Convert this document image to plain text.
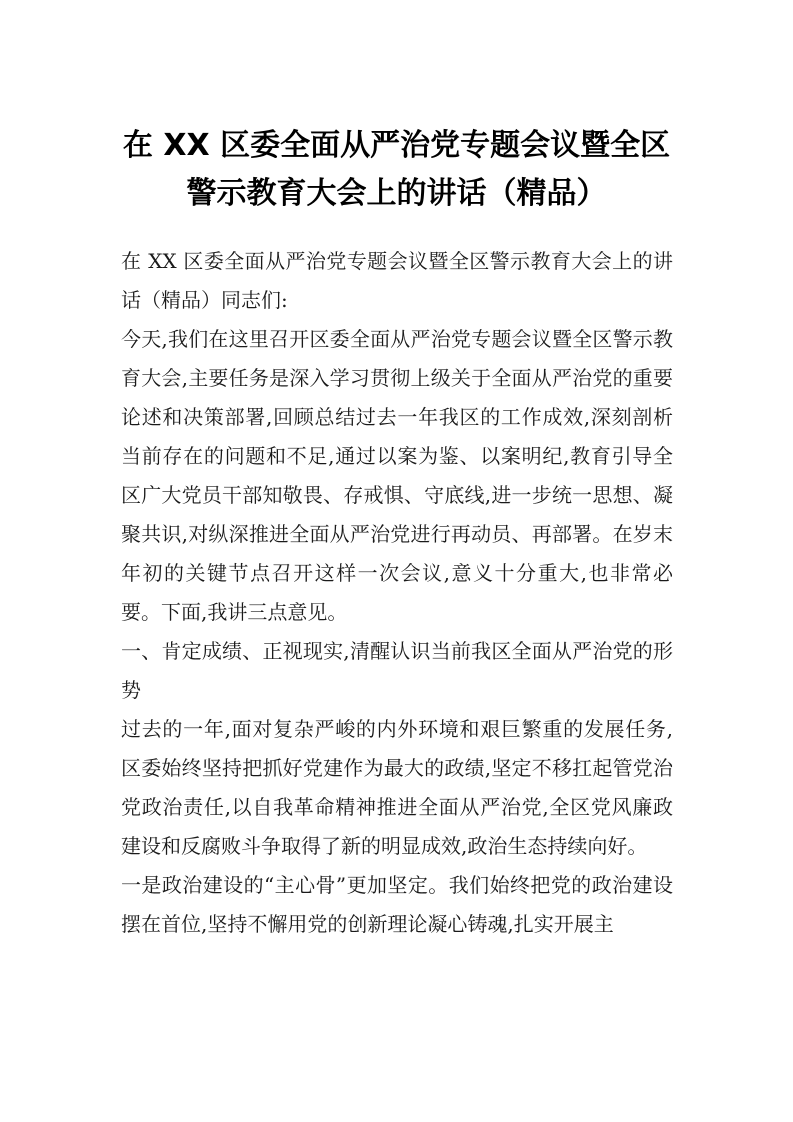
在 XX 区委全面从严治党专题会议暨全区警示教育大会上的讲话（精品）

在 XX 区委全面从严治党专题会议暨全区警示教育大会上的讲话（精品）同志们:

今天,我们在这里召开区委全面从严治党专题会议暨全区警示教育大会,主要任务是深入学习贯彻上级关于全面从严治党的重要论述和决策部署,回顾总结过去一年我区的工作成效,深刻剖析当前存在的问题和不足,通过以案为鉴、以案明纪,教育引导全区广大党员干部知敬畏、存戒惧、守底线,进一步统一思想、凝聚共识,对纵深推进全面从严治党进行再动员、再部署。在岁末年初的关键节点召开这样一次会议,意义十分重大,也非常必要。下面,我讲三点意见。

一、肯定成绩、正视现实,清醒认识当前我区全面从严治党的形势

过去的一年,面对复杂严峻的内外环境和艰巨繁重的发展任务,区委始终坚持把抓好党建作为最大的政绩,坚定不移扛起管党治党政治责任,以自我革命精神推进全面从严治党,全区党风廉政建设和反腐败斗争取得了新的明显成效,政治生态持续向好。

一是政治建设的“主心骨”更加坚定。我们始终把党的政治建设摆在首位,坚持不懈用党的创新理论凝心铸魂,扎实开展主
